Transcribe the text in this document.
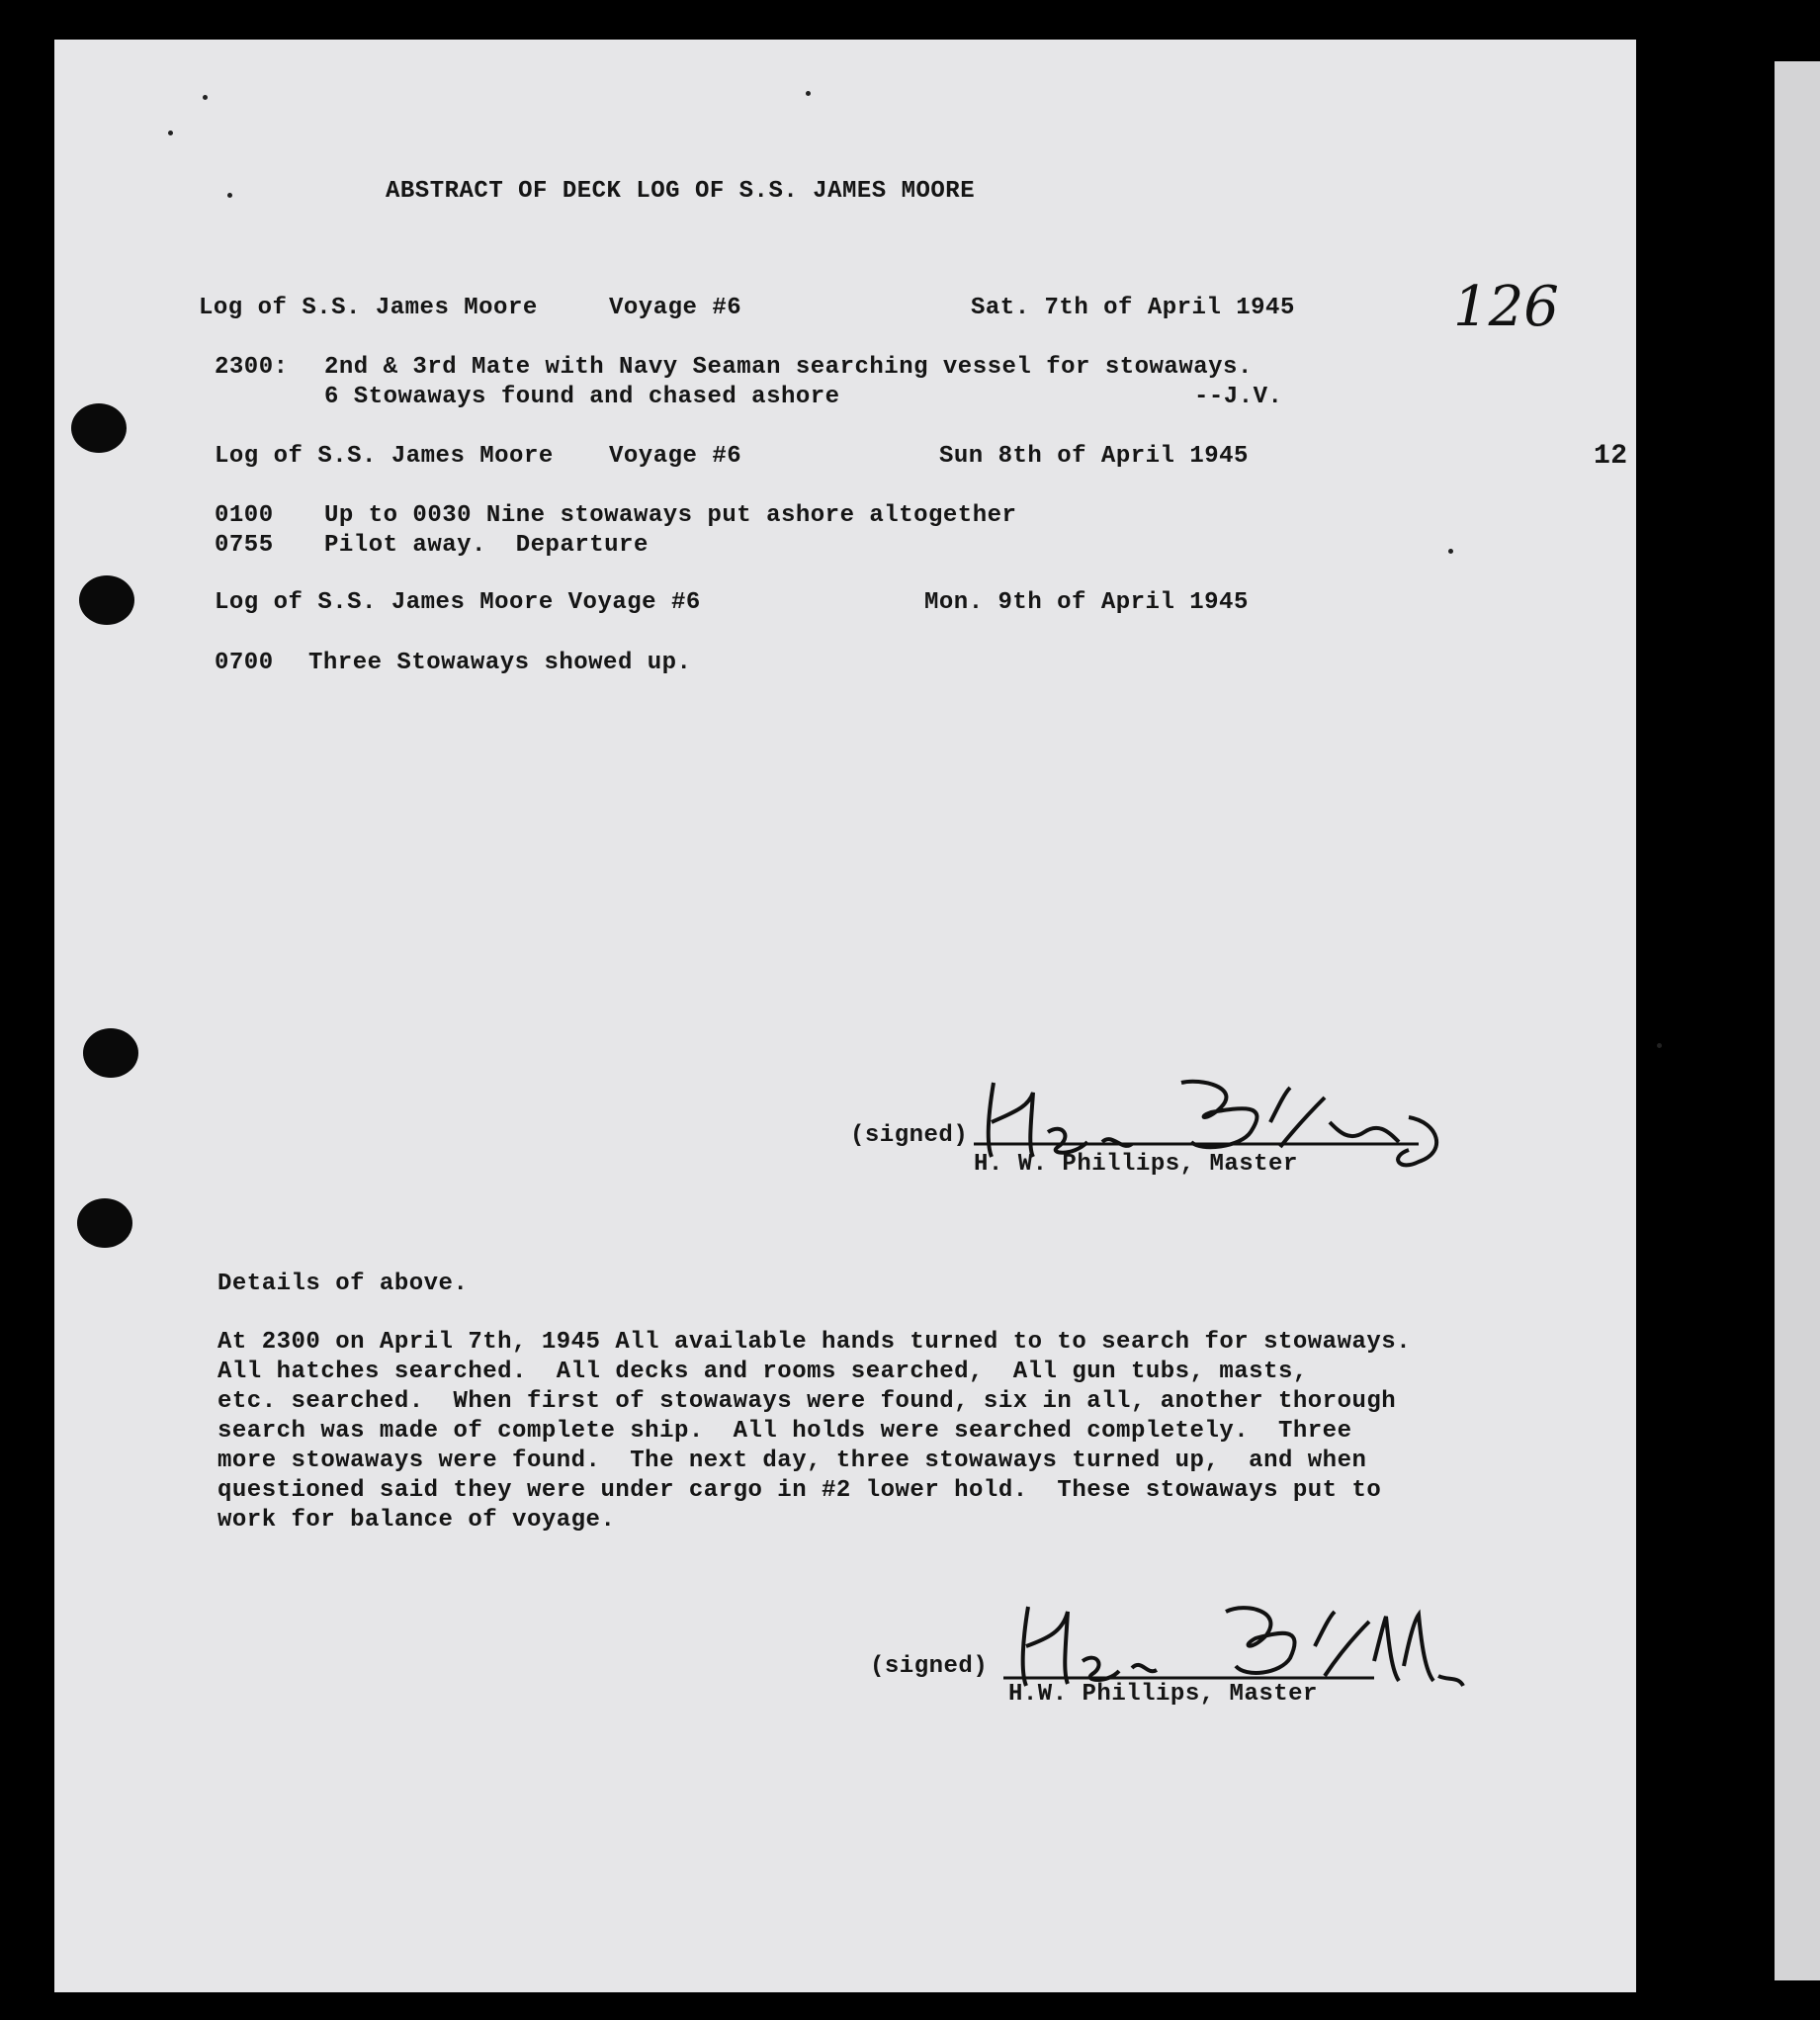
ABSTRACT OF DECK LOG OF S.S. JAMES MOORE
126
12
Log of S.S. James Moore	Voyage #6	Sat. 7th of April 1945
2300: 2nd & 3rd Mate with Navy Seaman searching vessel for stowaways.
6 Stowaways found and chased ashore	--J.V.
Log of S.S. James Moore Voyage #6	Sun 8th of April 1945
0100 Up to 0030 Nine stowaways put ashore altogether
0755 Pilot away.  Departure
Log of S.S. James Moore Voyage #6	Mon. 9th of April 1945
0700 Three Stowaways showed up.
(signed)
H. W. Phillips, Master
Details of above.
At 2300 on April 7th, 1945 All available hands turned to to search for stowaways.
All hatches searched.  All decks and rooms searched,  All gun tubs, masts,
etc. searched.  When first of stowaways were found, six in all, another thorough
search was made of complete ship.  All holds were searched completely.  Three
more stowaways were found.  The next day, three stowaways turned up,  and when
questioned said they were under cargo in #2 lower hold.  These stowaways put to
work for balance of voyage.
(signed)
H.W. Phillips, Master
